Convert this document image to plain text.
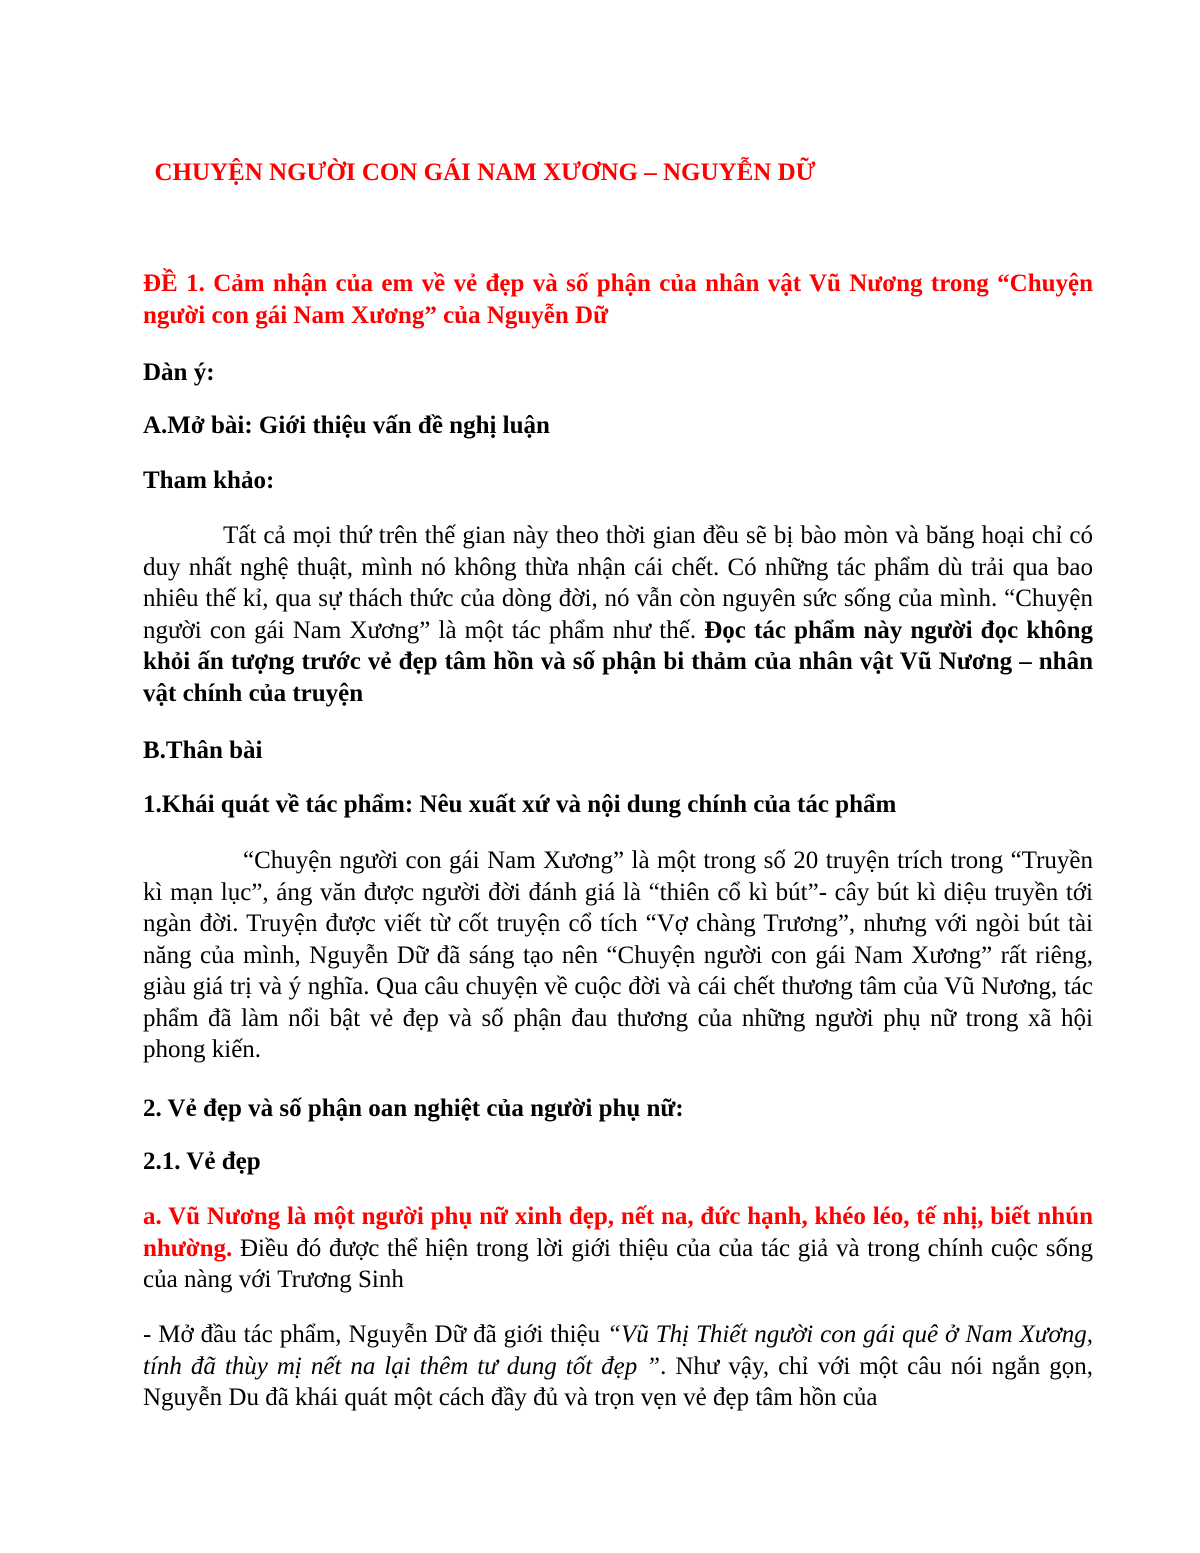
CHUYỆN NGƯỜI CON GÁI NAM XƯƠNG – NGUYỄN DỮ

ĐỀ 1. Cảm nhận của em về vẻ đẹp và số phận của nhân vật Vũ Nương trong “Chuyện người con gái Nam Xương” của Nguyễn Dữ

Dàn ý:

A.Mở bài: Giới thiệu vấn đề nghị luận

Tham khảo:

Tất cả mọi thứ trên thế gian này theo thời gian đều sẽ bị bào mòn và băng hoại chỉ có duy nhất nghệ thuật, mình nó không thừa nhận cái chết. Có những tác phẩm dù trải qua bao nhiêu thế kỉ, qua sự thách thức của dòng đời, nó vẫn còn nguyên sức sống của mình. “Chuyện người con gái Nam Xương” là một tác phẩm như thế. Đọc tác phẩm này người đọc không khỏi ấn tượng trước vẻ đẹp tâm hồn và số phận bi thảm của nhân vật Vũ Nương – nhân vật chính của truyện

B.Thân bài

1.Khái quát về tác phẩm: Nêu xuất xứ và nội dung chính của tác phẩm

“Chuyện người con gái Nam Xương” là một trong số 20 truyện trích trong “Truyền kì mạn lục”, áng văn được người đời đánh giá là “thiên cổ kì bút”- cây bút kì diệu truyền tới ngàn đời. Truyện được viết từ cốt truyện cổ tích “Vợ chàng Trương”, nhưng với ngòi bút tài năng của mình, Nguyễn Dữ đã sáng tạo nên “Chuyện người con gái Nam Xương” rất riêng, giàu giá trị và ý nghĩa. Qua câu chuyện về cuộc đời và cái chết thương tâm của Vũ Nương, tác phẩm đã làm nổi bật vẻ đẹp và số phận đau thương của những người phụ nữ trong xã hội phong kiến.

2. Vẻ đẹp và số phận oan nghiệt của người phụ nữ:

2.1. Vẻ đẹp

a. Vũ Nương là một người phụ nữ xinh đẹp, nết na, đức hạnh, khéo léo, tế nhị, biết nhún nhường. Điều đó được thể hiện trong lời giới thiệu của của tác giả và trong chính cuộc sống của nàng với Trương Sinh

- Mở đầu tác phẩm, Nguyễn Dữ đã giới thiệu “Vũ Thị Thiết người con gái quê ở Nam Xương, tính đã thùy mị nết na lại thêm tư dung tốt đẹp ”. Như vậy, chỉ với một câu nói ngắn gọn, Nguyễn Du đã khái quát một cách đầy đủ và trọn vẹn vẻ đẹp tâm hồn của
